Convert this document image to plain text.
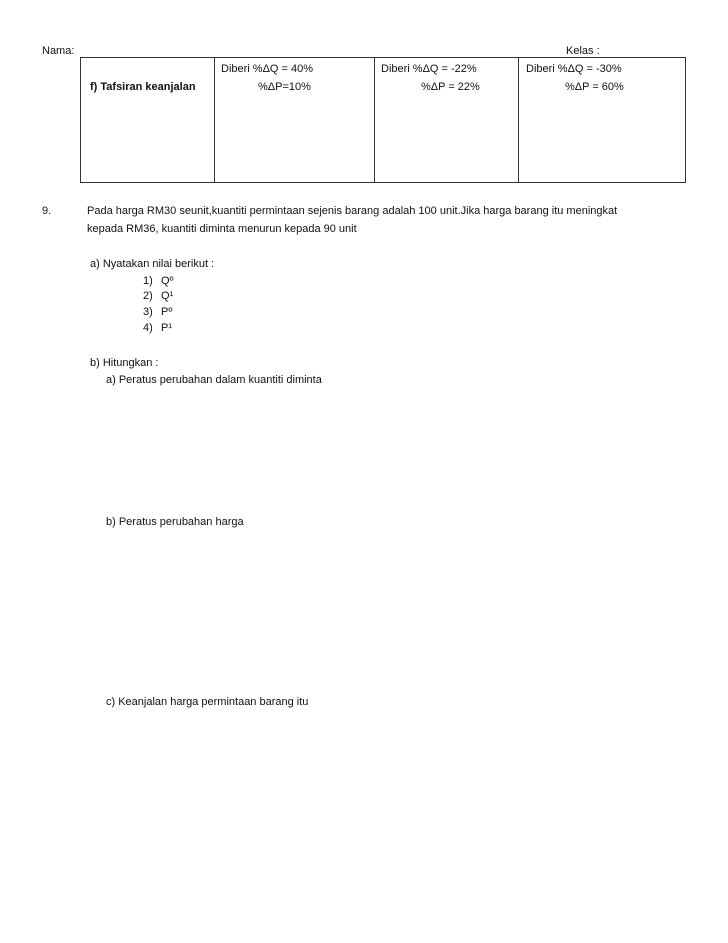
Nama:	Kelas :
f) Tafsiran keanjalan
Diberi %ΔQ = 40%
%ΔP=10%
Diberi %ΔQ = -22%
%ΔP = 22%
Diberi %ΔQ = -30%
%ΔP = 60%
9.	Pada harga RM30 seunit,kuantiti permintaan sejenis barang adalah 100 unit.Jika harga barang itu meningkat
kepada RM36, kuantiti diminta menurun kepada 90 unit
a) Nyatakan nilai berikut :
1) Qº
2) Q¹
3) Pº
4) P¹
b) Hitungkan :
a) Peratus perubahan dalam kuantiti diminta
b) Peratus perubahan harga
c) Keanjalan harga permintaan barang itu
